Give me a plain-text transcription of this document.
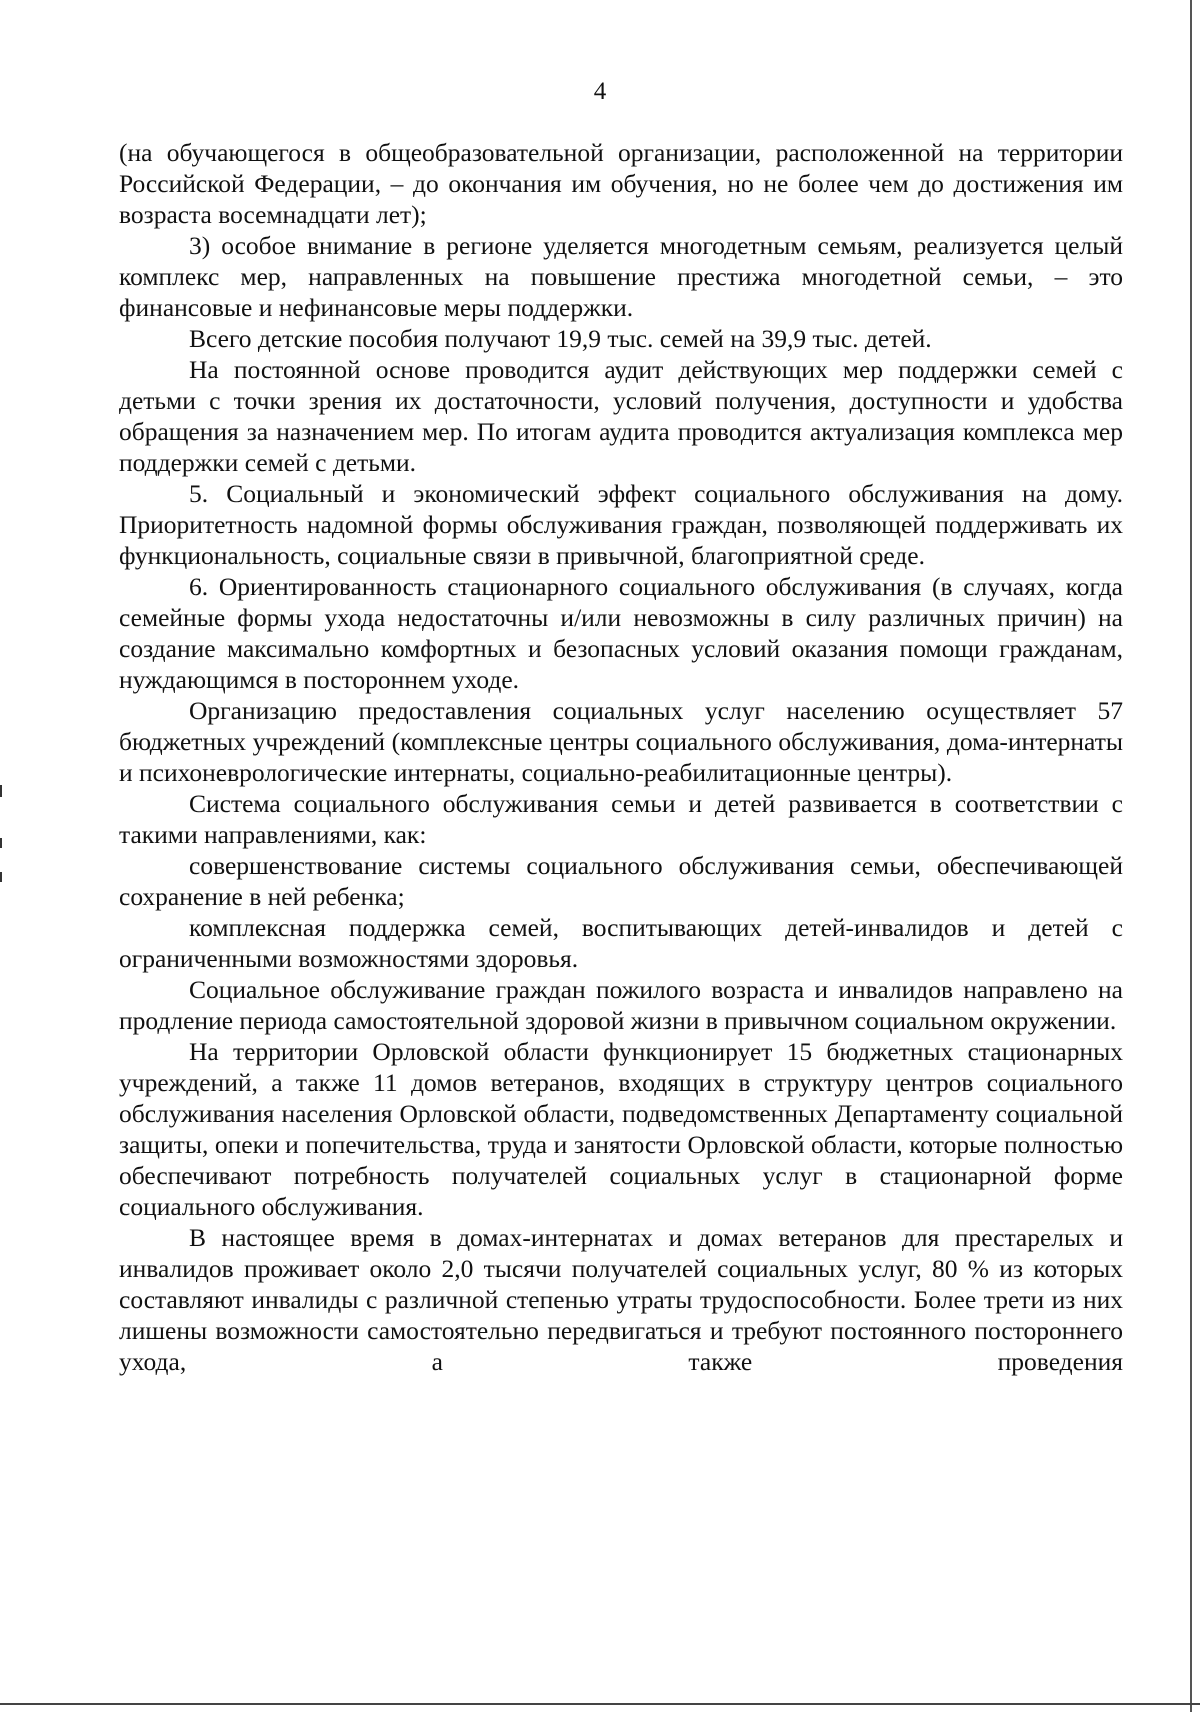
4

(на обучающегося в общеобразовательной организации, расположенной на территории Российской Федерации, – до окончания им обучения, но не более чем до достижения им возраста восемнадцати лет);

3) особое внимание в регионе уделяется многодетным семьям, реализуется целый комплекс мер, направленных на повышение престижа многодетной семьи, – это финансовые и нефинансовые меры поддержки.

Всего детские пособия получают 19,9 тыс. семей на 39,9 тыс. детей.

На постоянной основе проводится аудит действующих мер поддержки семей с детьми с точки зрения их достаточности, условий получения, доступности и удобства обращения за назначением мер. По итогам аудита проводится актуализация комплекса мер поддержки семей с детьми.

5. Социальный и экономический эффект социального обслуживания на дому. Приоритетность надомной формы обслуживания граждан, позволяющей поддерживать их функциональность, социальные связи в привычной, благоприятной среде.

6. Ориентированность стационарного социального обслуживания (в случаях, когда семейные формы ухода недостаточны и/или невозможны в силу различных причин) на создание максимально комфортных и безопасных условий оказания помощи гражданам, нуждающимся в постороннем уходе.

Организацию предоставления социальных услуг населению осуществляет 57 бюджетных учреждений (комплексные центры социального обслуживания, дома-интернаты и психоневрологические интернаты, социально-реабилитационные центры).

Система социального обслуживания семьи и детей развивается в соответствии с такими направлениями, как:

совершенствование системы социального обслуживания семьи, обеспечивающей сохранение в ней ребенка;

комплексная поддержка семей, воспитывающих детей-инвалидов и детей с ограниченными возможностями здоровья.

Социальное обслуживание граждан пожилого возраста и инвалидов направлено на продление периода самостоятельной здоровой жизни в привычном социальном окружении.

На территории Орловской области функционирует 15 бюджетных стационарных учреждений, а также 11 домов ветеранов, входящих в структуру центров социального обслуживания населения Орловской области, подведомственных Департаменту социальной защиты, опеки и попечительства, труда и занятости Орловской области, которые полностью обеспечивают потребность получателей социальных услуг в стационарной форме социального обслуживания.

В настоящее время в домах-интернатах и домах ветеранов для престарелых и инвалидов проживает около 2,0 тысячи получателей социальных услуг, 80 % из которых составляют инвалиды с различной степенью утраты трудоспособности. Более трети из них лишены возможности самостоятельно передвигаться и требуют постоянного постороннего ухода, а также проведения
